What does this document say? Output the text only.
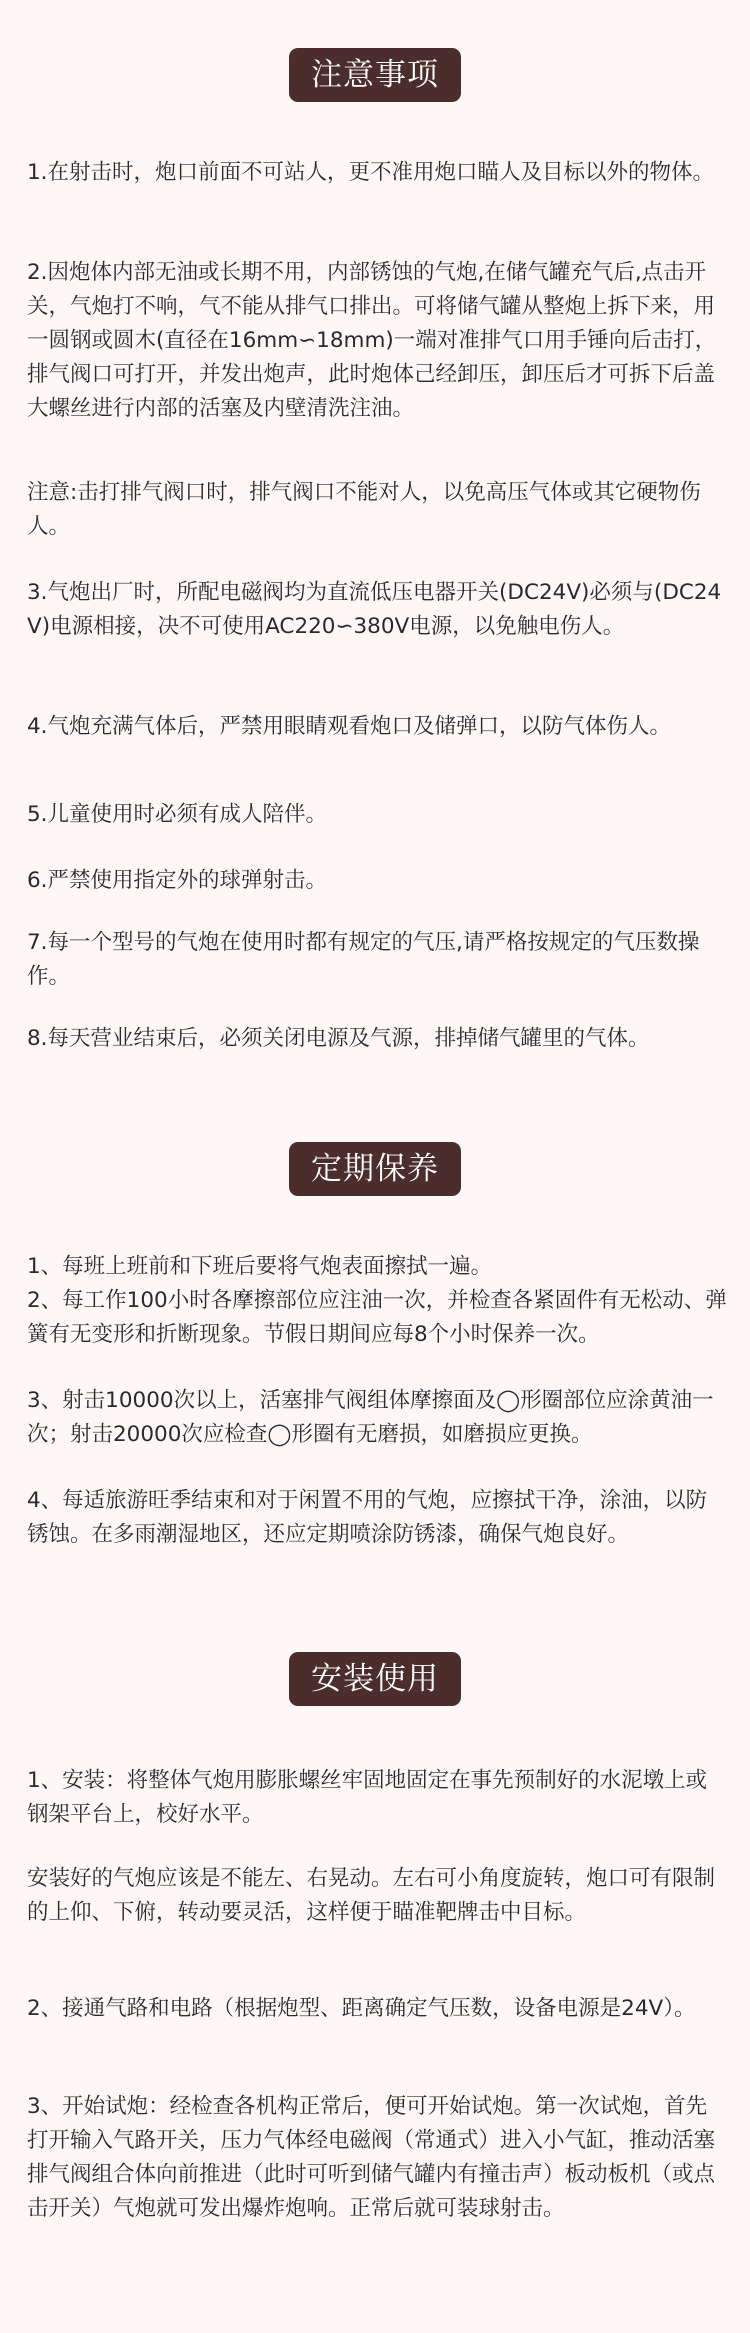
注意事项

1.在射击时，炮口前面不可站人，更不准用炮口瞄人及目标以外的物体。

2.因炮体内部无油或长期不用，内部锈蚀的气炮,在储气罐充气后,点击开关，气炮打不响，气不能从排气口排出。可将储气罐从整炮上拆下来，用一圆钢或圆木(直径在16mm∽18mm)一端对准排气口用手锤向后击打，排气阀口可打开，并发出炮声，此时炮体己经卸压，卸压后才可拆下后盖大螺丝进行内部的活塞及内壁清洗注油。

注意:击打排气阀口时，排气阀口不能对人，以免高压气体或其它硬物伤人。

3.气炮出厂时，所配电磁阀均为直流低压电器开关(DC24V)必须与(DC24V)电源相接，决不可使用AC220∽380V电源，以免触电伤人。

4.气炮充满气体后，严禁用眼睛观看炮口及储弹口，以防气体伤人。

5.儿童使用时必须有成人陪伴。

6.严禁使用指定外的球弹射击。

7.每一个型号的气炮在使用时都有规定的气压,请严格按规定的气压数操作。

8.每天营业结束后，必须关闭电源及气源，排掉储气罐里的气体。

定期保养

1、每班上班前和下班后要将气炮表面擦拭一遍。

2、每工作100小时各摩擦部位应注油一次，并检查各紧固件有无松动、弹簧有无变形和折断现象。节假日期间应每8个小时保养一次。

3、射击10000次以上，活塞排气阀组体摩擦面及◯形圈部位应涂黄油一次；射击20000次应检查◯形圈有无磨损，如磨损应更换。

4、每适旅游旺季结束和对于闲置不用的气炮，应擦拭干净，涂油，以防锈蚀。在多雨潮湿地区，还应定期喷涂防锈漆，确保气炮良好。

安装使用

1、安装：将整体气炮用膨胀螺丝牢固地固定在事先预制好的水泥墩上或钢架平台上，校好水平。

安装好的气炮应该是不能左、右晃动。左右可小角度旋转，炮口可有限制的上仰、下俯，转动要灵活，这样便于瞄准靶牌击中目标。

2、接通气路和电路（根据炮型、距离确定气压数，设备电源是24V）。

3、开始试炮：经检查各机构正常后，便可开始试炮。第一次试炮，首先打开输入气路开关，压力气体经电磁阀（常通式）进入小气缸，推动活塞排气阀组合体向前推进（此时可听到储气罐内有撞击声）板动板机（或点击开关）气炮就可发出爆炸炮响。正常后就可装球射击。
